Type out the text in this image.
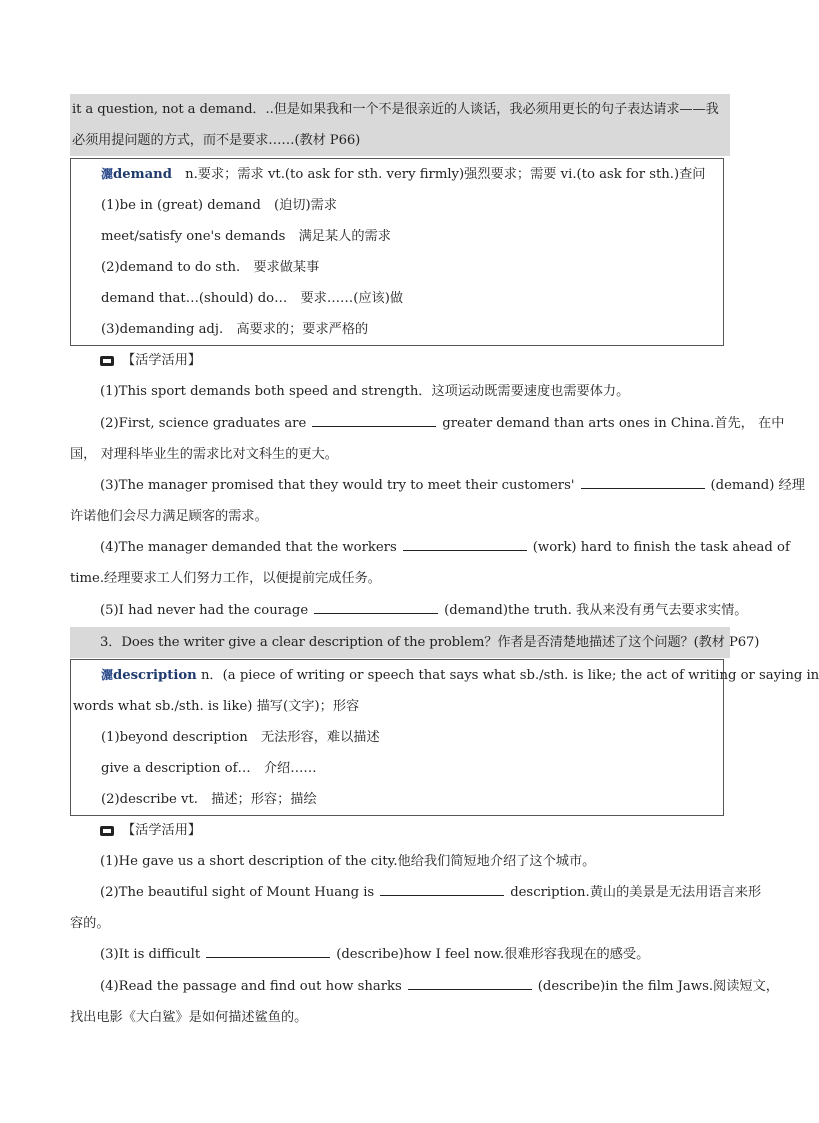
it a question, not a demand．..但是如果我和一个不是很亲近的人谈话，我必须用更长的句子表达请求——我
必须用提问题的方式，而不是要求……(教材 P66)
灑demand　n.要求；需求 vt.(to ask for sth. very firmly)强烈要求；需要 vi.(to ask for sth.)查问
(1)be in (great) demand　(迫切)需求
meet/satisfy one's demands　满足某人的需求
(2)demand to do sth.　要求做某事
demand that…(should) do…　要求……(应该)做
(3)demanding adj.　高要求的；要求严格的
【活学活用】
(1)This sport demands both speed and strength．这项运动既需要速度也需要体力。
(2)First, science graduates are	greater demand than arts ones in China.首先， 在中
国， 对理科毕业生的需求比对文科生的更大。
(3)The manager promised that they would try to meet their customers'	(demand) 经理
许诺他们会尽力满足顾客的需求。
(4)The manager demanded that the workers	(work) hard to finish the task ahead of
time.经理要求工人们努力工作，以便提前完成任务。
(5)I had never had the courage	(demand)the truth. 我从来没有勇气去要求实情。
3．Does the writer give a clear description of the problem？作者是否清楚地描述了这个问题？(教材 P67)
灑description n．(a piece of writing or speech that says what sb./sth. is like; the act of writing or saying in
words what sb./sth. is like) 描写(文字)；形容
(1)beyond description　无法形容，难以描述
give a description of…　介绍……
(2)describe vt.　描述；形容；描绘
【活学活用】
(1)He gave us a short description of the city.他给我们简短地介绍了这个城市。
(2)The beautiful sight of Mount Huang is	description.黄山的美景是无法用语言来形
容的。
(3)It is difficult	(describe)how I feel now.很难形容我现在的感受。
(4)Read the passage and find out how sharks	(describe)in the film Jaws.阅读短文，
找出电影《大白鲨》是如何描述鲨鱼的。
